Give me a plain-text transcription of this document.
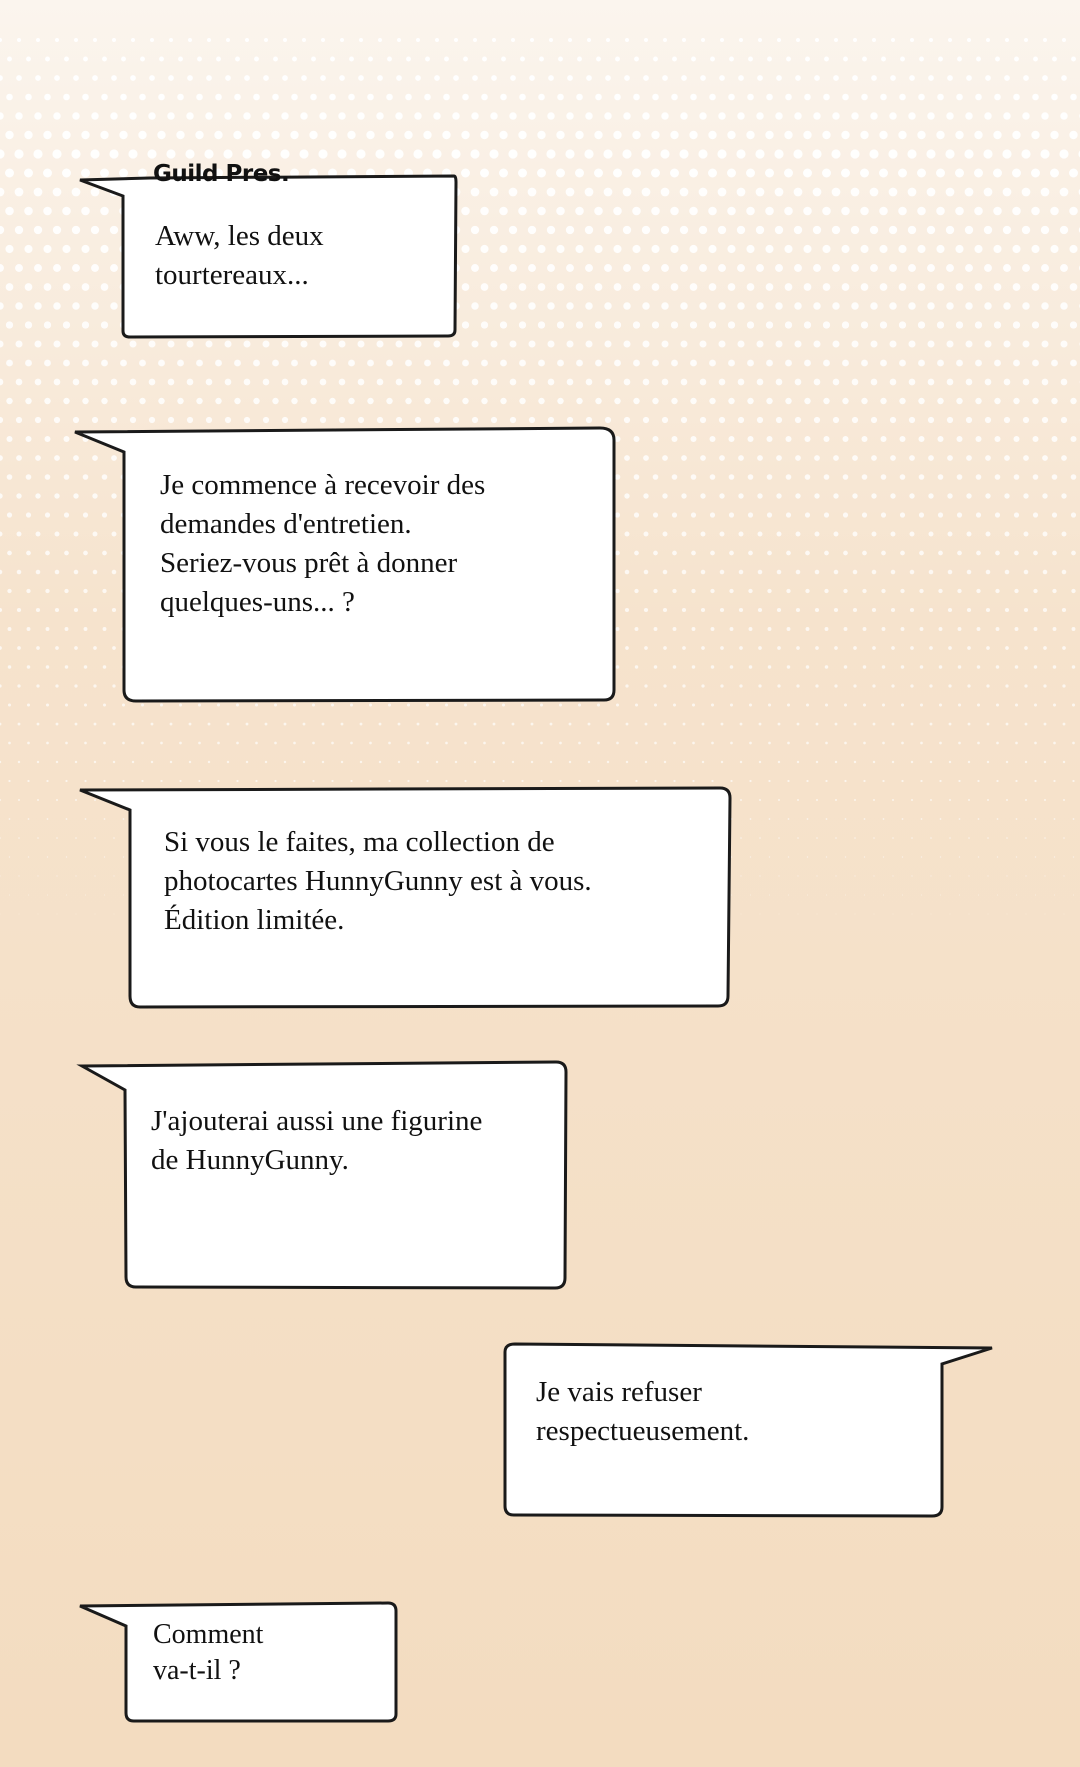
Guild Pres.
Aww, les deux
tourtereaux...
Je commence à recevoir des
demandes d'entretien.
Seriez-vous prêt à donner
quelques-uns... ?
Si vous le faites, ma collection de
photocartes HunnyGunny est à vous.
Édition limitée.
J'ajouterai aussi une figurine
de HunnyGunny.
Je vais refuser
respectueusement.
Comment
va-t-il ?
